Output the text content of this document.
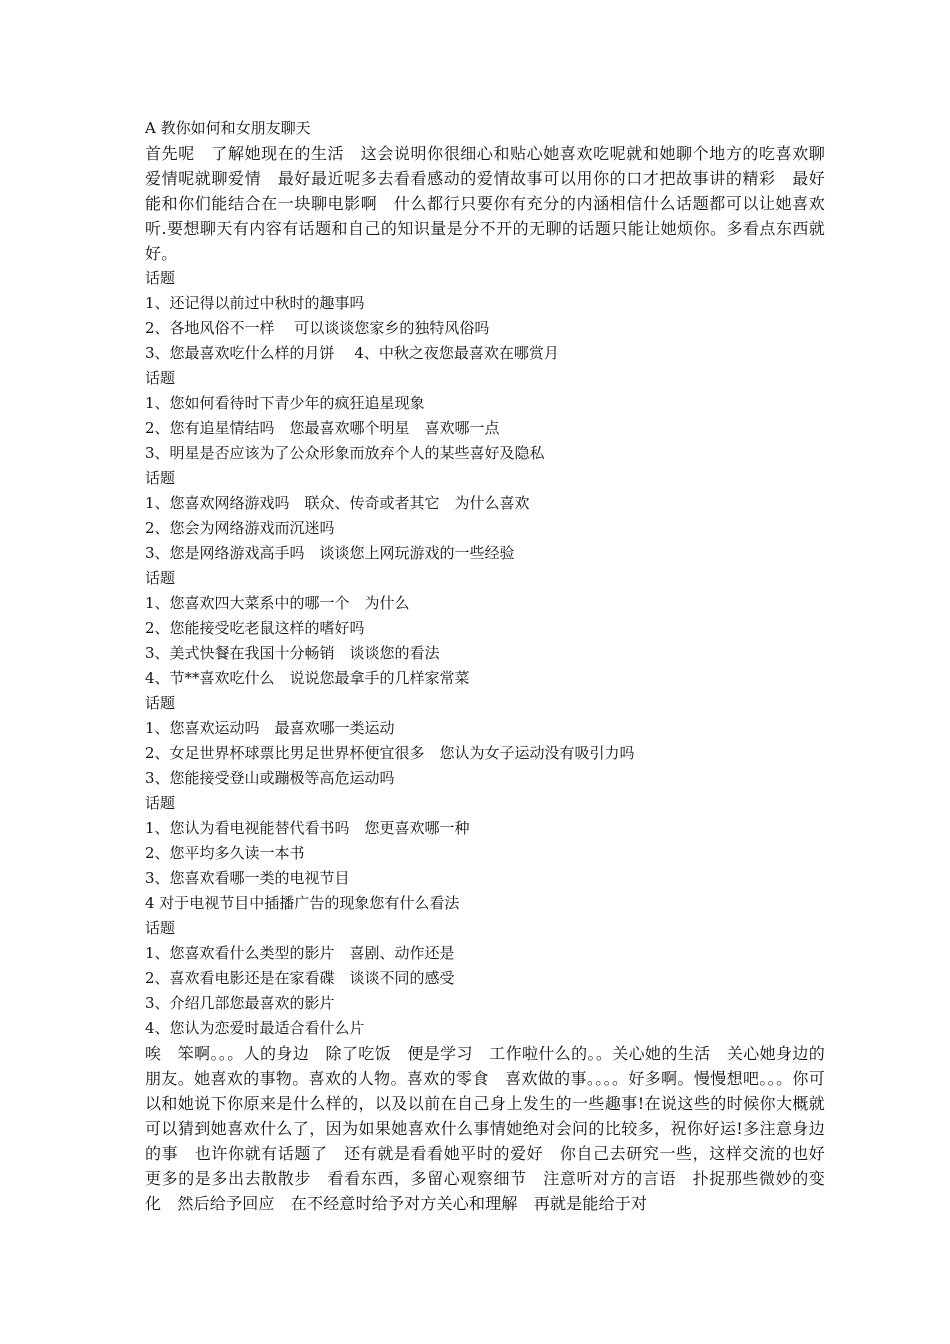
A 教你如何和女朋友聊天

首先呢　了解她现在的生活　这会说明你很细心和贴心她喜欢吃呢就和她聊个地方的吃喜欢聊爱情呢就聊爱情　最好最近呢多去看看感动的爱情故事可以用你的口才把故事讲的精彩　最好能和你们能结合在一块聊电影啊　什么都行只要你有充分的内涵相信什么话题都可以让她喜欢听.要想聊天有内容有话题和自己的知识量是分不开的无聊的话题只能让她烦你。多看点东西就好。

话题

1、还记得以前过中秋时的趣事吗

2、各地风俗不一样　 可以谈谈您家乡的独特风俗吗

3、您最喜欢吃什么样的月饼　 4、中秋之夜您最喜欢在哪赏月

话题

1、您如何看待时下青少年的疯狂追星现象

2、您有追星情结吗　您最喜欢哪个明星　喜欢哪一点

3、明星是否应该为了公众形象而放弃个人的某些喜好及隐私

话题

1、您喜欢网络游戏吗　联众、传奇或者其它　为什么喜欢

2、您会为网络游戏而沉迷吗

3、您是网络游戏高手吗　谈谈您上网玩游戏的一些经验

话题

1、您喜欢四大菜系中的哪一个　为什么

2、您能接受吃老鼠这样的嗜好吗

3、美式快餐在我国十分畅销　谈谈您的看法

4、节**喜欢吃什么　说说您最拿手的几样家常菜

话题

1、您喜欢运动吗　最喜欢哪一类运动

2、女足世界杯球票比男足世界杯便宜很多　您认为女子运动没有吸引力吗

3、您能接受登山或蹦极等高危运动吗

话题

1、您认为看电视能替代看书吗　您更喜欢哪一种

2、您平均多久读一本书

3、您喜欢看哪一类的电视节目

4 对于电视节目中插播广告的现象您有什么看法

话题

1、您喜欢看什么类型的影片　喜剧、动作还是

2、喜欢看电影还是在家看碟　谈谈不同的感受

3、介绍几部您最喜欢的影片

4、您认为恋爱时最适合看什么片

唉　笨啊。。。人的身边　除了吃饭　便是学习　工作啦什么的。。关心她的生活　关心她身边的朋友。她喜欢的事物。喜欢的人物。喜欢的零食　喜欢做的事。。。。好多啊。慢慢想吧。。。你可以和她说下你原来是什么样的，以及以前在自己身上发生的一些趣事!在说这些的时候你大概就可以猜到她喜欢什么了，因为如果她喜欢什么事情她绝对会问的比较多，祝你好运!多注意身边的事　也许你就有话题了　还有就是看看她平时的爱好　你自己去研究一些，这样交流的也好　更多的是多出去散散步　看看东西，多留心观察细节　注意听对方的言语　扑捉那些微妙的变化　然后给予回应　在不经意时给予对方关心和理解　再就是能给于对
